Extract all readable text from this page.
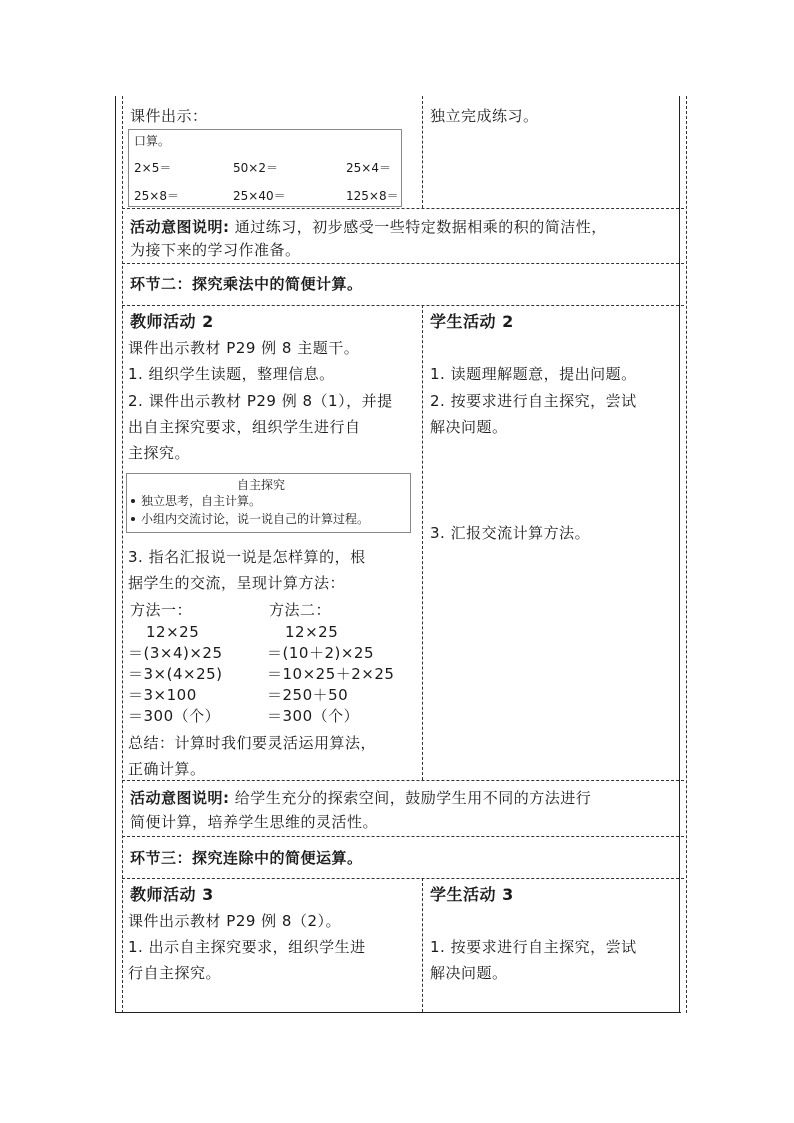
课件出示：
口算。
2×5＝	50×2＝	25×4＝
25×8＝	25×40＝	125×8＝
独立完成练习。
活动意图说明: 通过练习，初步感受一些特定数据相乘的积的简洁性，
为接下来的学习作准备。
环节二：探究乘法中的简便计算。
教师活动 2
课件出示教材 P29 例 8 主题干。
1. 组织学生读题，整理信息。
2. 课件出示教材 P29 例 8（1），并提
出自主探究要求，组织学生进行自
主探究。
自主探究
独立思考，自主计算。
小组内交流讨论，说一说自己的计算过程。
3. 指名汇报说一说是怎样算的，根
据学生的交流，呈现计算方法：
方法一：
12×25
＝(3×4)×25
＝3×(4×25)
＝3×100
＝300（个）
方法二：
12×25
＝(10＋2)×25
＝10×25＋2×25
＝250＋50
＝300（个）
总结：计算时我们要灵活运用算法，
正确计算。
学生活动 2
1. 读题理解题意，提出问题。
2. 按要求进行自主探究，尝试
解决问题。
3. 汇报交流计算方法。
活动意图说明: 给学生充分的探索空间，鼓励学生用不同的方法进行
简便计算，培养学生思维的灵活性。
环节三：探究连除中的简便运算。
教师活动 3
课件出示教材 P29 例 8（2）。
1. 出示自主探究要求，组织学生进
行自主探究。
学生活动 3
1. 按要求进行自主探究，尝试
解决问题。
